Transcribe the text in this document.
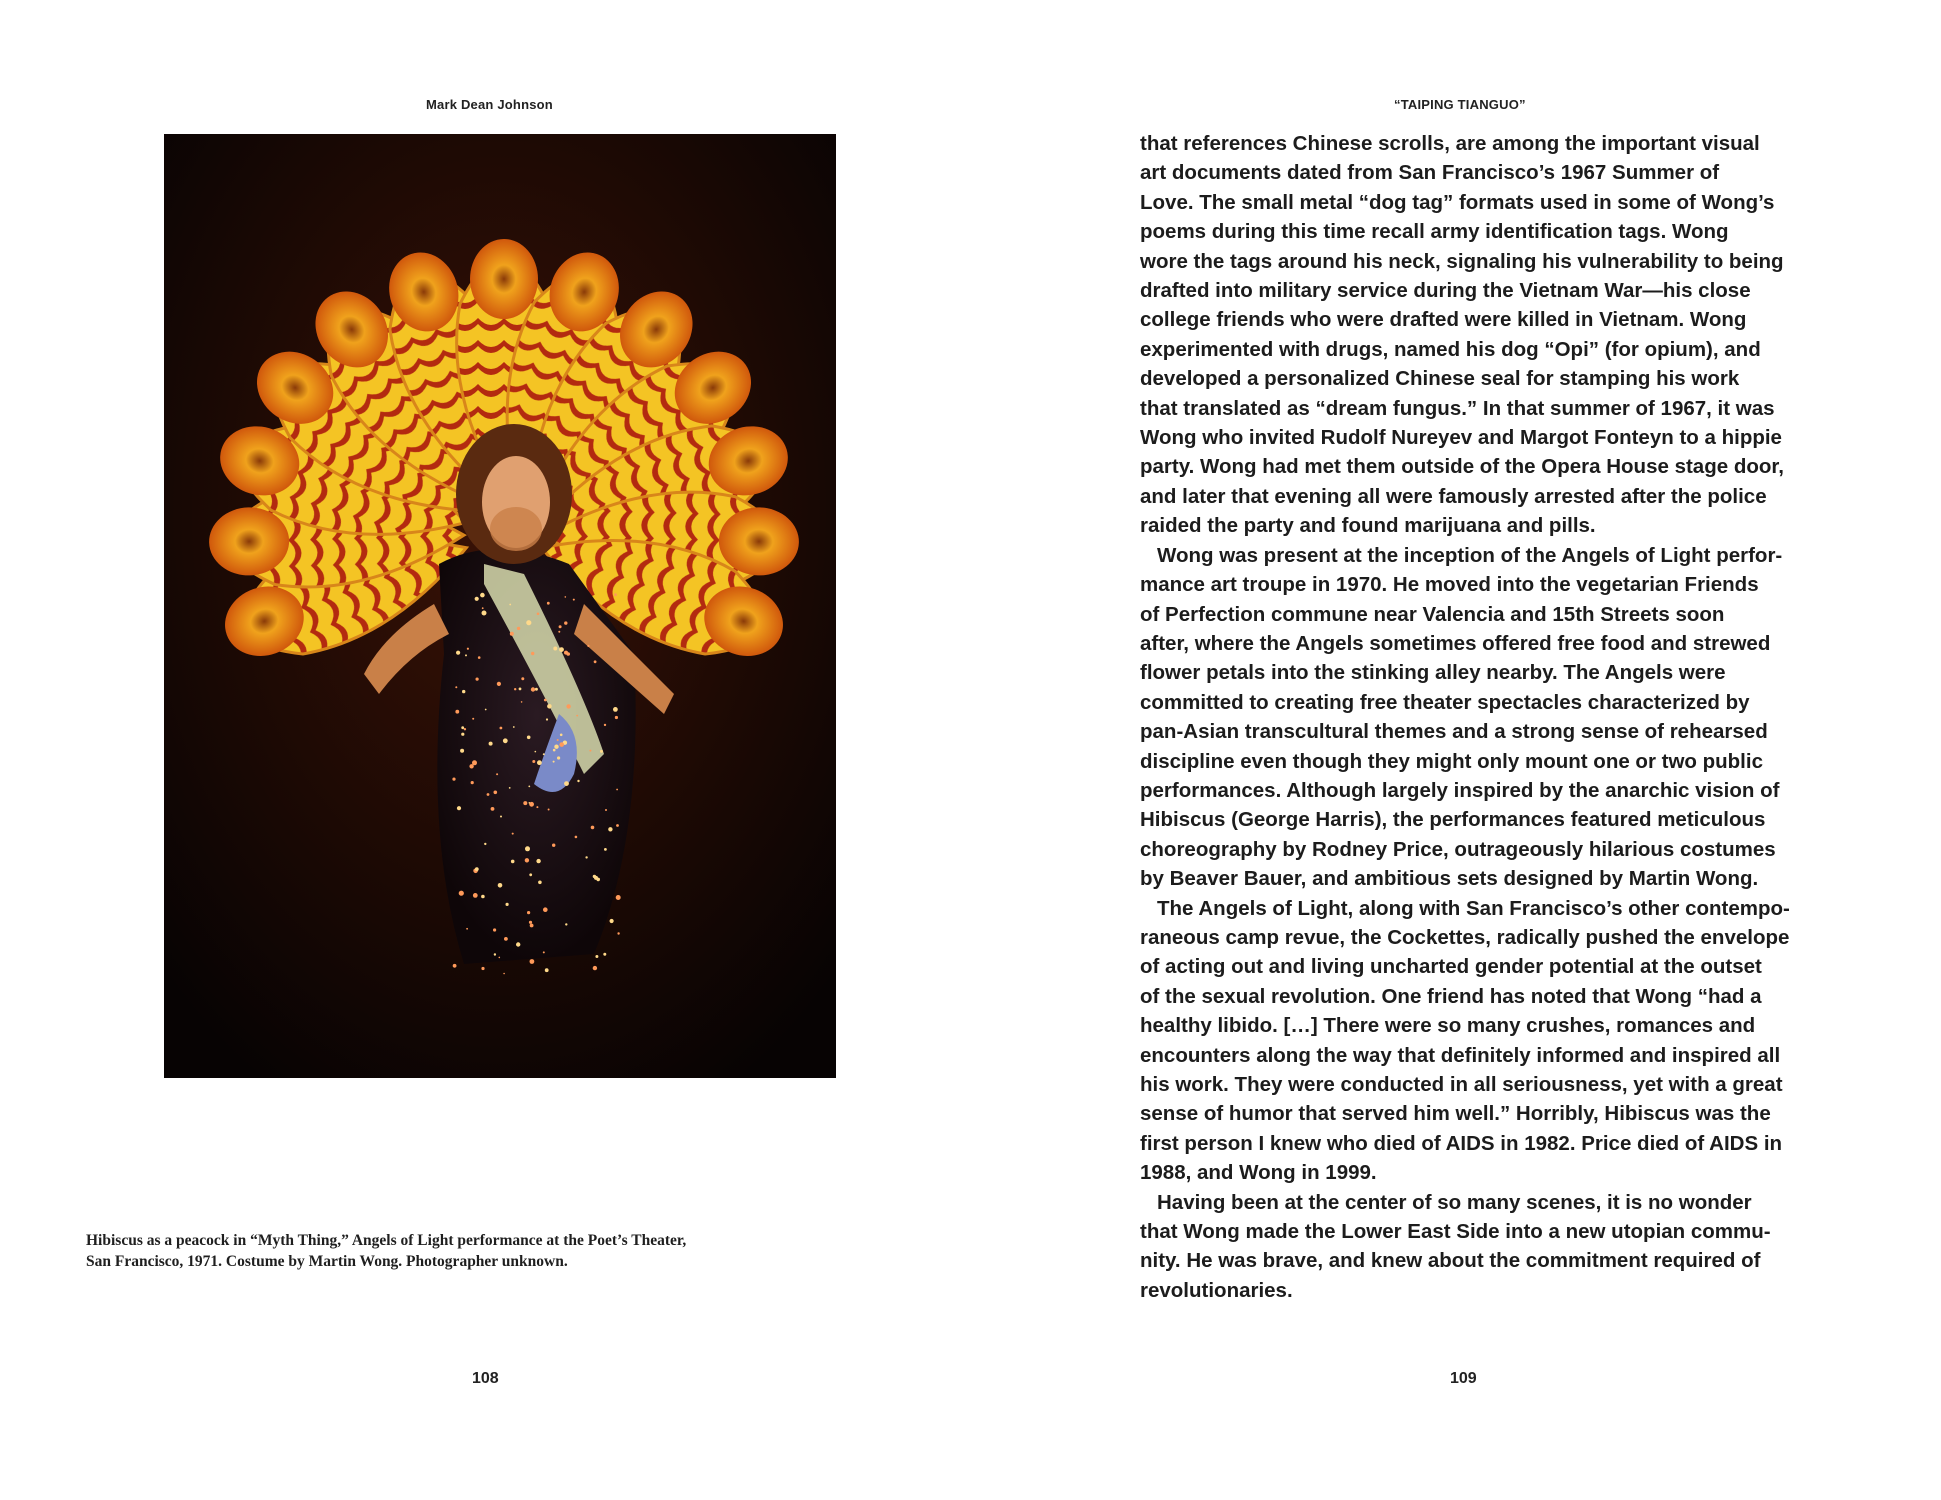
Mark Dean Johnson

Hibiscus as a peacock in “Myth Thing,” Angels of Light performance at the Poet’s Theater,

San Francisco, 1971. Costume by Martin Wong. Photographer unknown.

108
“TAIPING TIANGUO”
that references Chinese scrolls, are among the important visual
art documents dated from San Francisco’s 1967 Summer of
Love. The small metal “dog tag” formats used in some of Wong’s
poems during this time recall army identification tags. Wong
wore the tags around his neck, signaling his vulnerability to being
drafted into military service during the Vietnam War—his close
college friends who were drafted were killed in Vietnam. Wong
experimented with drugs, named his dog “Opi” (for opium), and
developed a personalized Chinese seal for stamping his work
that translated as “dream fungus.” In that summer of 1967, it was
Wong who invited Rudolf Nureyev and Margot Fonteyn to a hippie
party. Wong had met them outside of the Opera House stage door,
and later that evening all were famously arrested after the police
raided the party and found marijuana and pills.
Wong was present at the inception of the Angels of Light perfor-
mance art troupe in 1970. He moved into the vegetarian Friends
of Perfection commune near Valencia and 15th Streets soon
after, where the Angels sometimes offered free food and strewed
flower petals into the stinking alley nearby. The Angels were
committed to creating free theater spectacles characterized by
pan-Asian transcultural themes and a strong sense of rehearsed
discipline even though they might only mount one or two public
performances. Although largely inspired by the anarchic vision of
Hibiscus (George Harris), the performances featured meticulous
choreography by Rodney Price, outrageously hilarious costumes
by Beaver Bauer, and ambitious sets designed by Martin Wong.
The Angels of Light, along with San Francisco’s other contempo-
raneous camp revue, the Cockettes, radically pushed the envelope
of acting out and living uncharted gender potential at the outset
of the sexual revolution. One friend has noted that Wong “had a
healthy libido. […] There were so many crushes, romances and
encounters along the way that definitely informed and inspired all
his work. They were conducted in all seriousness, yet with a great
sense of humor that served him well.” Horribly, Hibiscus was the
first person I knew who died of AIDS in 1982. Price died of AIDS in
1988, and Wong in 1999.
Having been at the center of so many scenes, it is no wonder
that Wong made the Lower East Side into a new utopian commu-
nity. He was brave, and knew about the commitment required of
revolutionaries.
109
